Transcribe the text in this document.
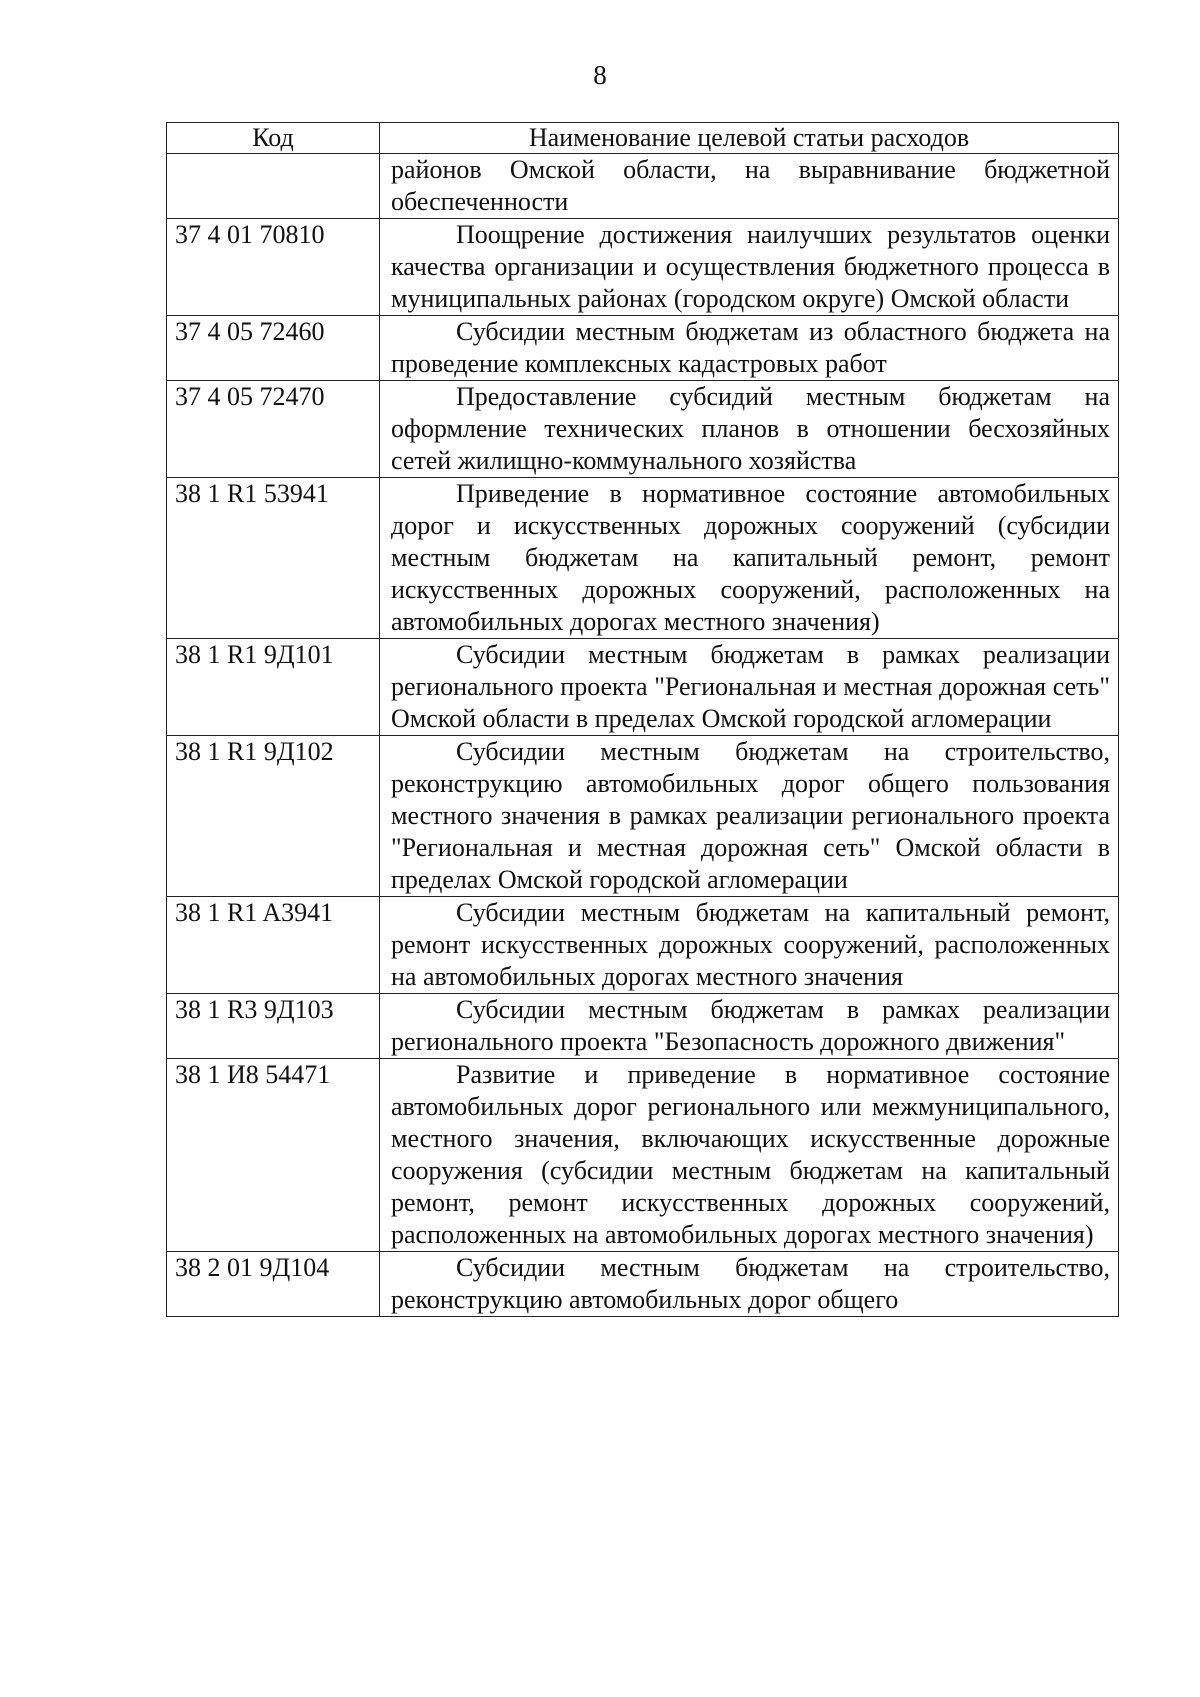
8
Код	Наименование целевой статьи расходов
	районов Омской области, на выравнивание бюджетной обеспеченности
37 4 01 70810	Поощрение достижения наилучших результатов оценки качества организации и осуществления бюджетного процесса в муниципальных районах (городском округе) Омской области
37 4 05 72460	Субсидии местным бюджетам из областного бюджета на проведение комплексных кадастровых работ
37 4 05 72470	Предоставление субсидий местным бюджетам на оформление технических планов в отношении бесхозяйных сетей жилищно-коммунального хозяйства
38 1 R1 53941	Приведение в нормативное состояние автомобильных дорог и искусственных дорожных сооружений (субсидии местным бюджетам на капитальный ремонт, ремонт искусственных дорожных сооружений, расположенных на автомобильных дорогах местного значения)
38 1 R1 9Д101	Субсидии местным бюджетам в рамках реализации регионального проекта "Региональная и местная дорожная сеть" Омской области в пределах Омской городской агломерации
38 1 R1 9Д102	Субсидии местным бюджетам на строительство, реконструкцию автомобильных дорог общего пользования местного значения в рамках реализации регионального проекта "Региональная и местная дорожная сеть" Омской области в пределах Омской городской агломерации
38 1 R1 A3941	Субсидии местным бюджетам на капитальный ремонт, ремонт искусственных дорожных сооружений, расположенных на автомобильных дорогах местного значения
38 1 R3 9Д103	Субсидии местным бюджетам в рамках реализации регионального проекта "Безопасность дорожного движения"
38 1 И8 54471	Развитие и приведение в нормативное состояние автомобильных дорог регионального или межмуниципального, местного значения, включающих искусственные дорожные сооружения (субсидии местным бюджетам на капитальный ремонт, ремонт искусственных дорожных сооружений, расположенных на автомобильных дорогах местного значения)
38 2 01 9Д104	Субсидии местным бюджетам на строительство, реконструкцию автомобильных дорог общего
